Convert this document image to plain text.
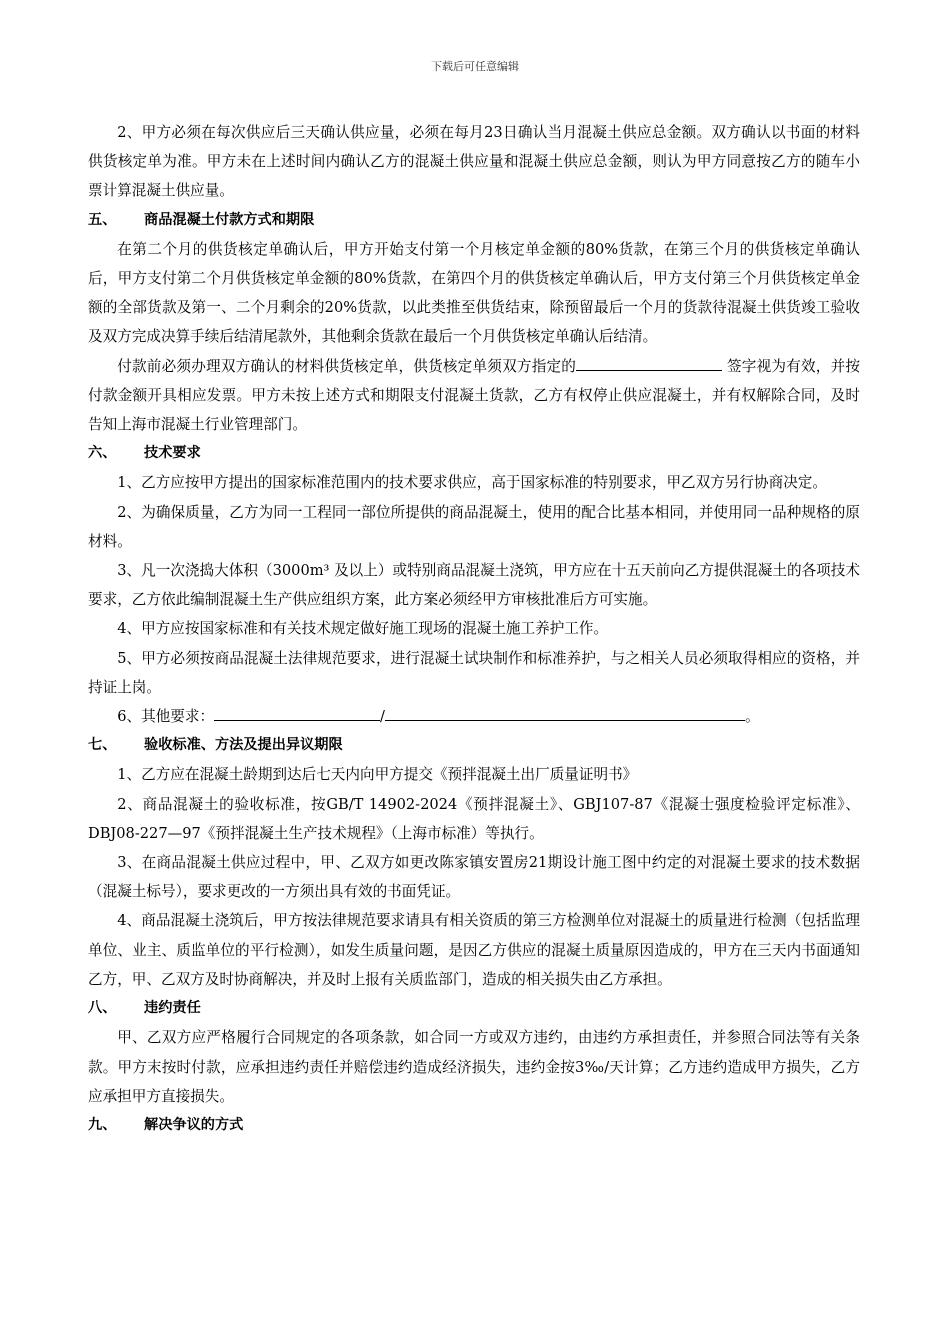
下载后可任意编辑

2、甲方必须在每次供应后三天确认供应量，必须在每月23日确认当月混凝土供应总金额。双方确认以书面的材料供货核定单为准。甲方未在上述时间内确认乙方的混凝土供应量和混凝土供应总金额，则认为甲方同意按乙方的随车小票计算混凝土供应量。

五、 商品混凝土付款方式和期限

在第二个月的供货核定单确认后，甲方开始支付第一个月核定单金额的80%货款，在第三个月的供货核定单确认后，甲方支付第二个月供货核定单金额的80%货款，在第四个月的供货核定单确认后，甲方支付第三个月供货核定单金额的全部货款及第一、二个月剩余的20%货款，以此类推至供货结束，除预留最后一个月的货款待混凝土供货竣工验收及双方完成决算手续后结清尾款外，其他剩余货款在最后一个月供货核定单确认后结清。

付款前必须办理双方确认的材料供货核定单，供货核定单须双方指定的	签字视为有效，并按付款金额开具相应发票。甲方未按上述方式和期限支付混凝土货款，乙方有权停止供应混凝土，并有权解除合同，及时告知上海市混凝土行业管理部门。

六、 技术要求

1、乙方应按甲方提出的国家标准范围内的技术要求供应，高于国家标准的特别要求，甲乙双方另行协商决定。

2、为确保质量，乙方为同一工程同一部位所提供的商品混凝土，使用的配合比基本相同，并使用同一品种规格的原材料。

3、凡一次浇捣大体积（3000m³ 及以上）或特别商品混凝土浇筑，甲方应在十五天前向乙方提供混凝土的各项技术要求，乙方依此编制混凝土生产供应组织方案，此方案必须经甲方审核批准后方可实施。

4、甲方应按国家标准和有关技术规定做好施工现场的混凝土施工养护工作。

5、甲方必须按商品混凝土法律规范要求，进行混凝土试块制作和标准养护，与之相关人员必须取得相应的资格，并持证上岗。

6、其他要求：	/	。

七、 验收标准、方法及提出异议期限

1、乙方应在混凝土龄期到达后七天内向甲方提交《预拌混凝土出厂质量证明书》

2、商品混凝土的验收标准，按GB/T 14902-2024《预拌混凝土》、GBJ107-87《混凝士强度检验评定标准》、DBJ08-227—97《预拌混凝土生产技术规程》（上海市标准）等执行。

3、在商品混凝土供应过程中，甲、乙双方如更改陈家镇安置房21期设计施工图中约定的对混凝土要求的技术数据（混凝土标号），要求更改的一方须出具有效的书面凭证。

4、商品混凝土浇筑后，甲方按法律规范要求请具有相关资质的第三方检测单位对混凝土的质量进行检测（包括监理单位、业主、质监单位的平行检测），如发生质量问题，是因乙方供应的混凝土质量原因造成的，甲方在三天内书面通知乙方，甲、乙双方及时协商解决，并及时上报有关质监部门，造成的相关损失由乙方承担。

八、 违约责任

甲、乙双方应严格履行合同规定的各项条款，如合同一方或双方违约，由违约方承担责任，并参照合同法等有关条款。甲方末按时付款，应承担违约责任并赔偿违约造成经济损失，违约金按3‰/天计算；乙方违约造成甲方损失，乙方应承担甲方直接损失。

九、 解决争议的方式
